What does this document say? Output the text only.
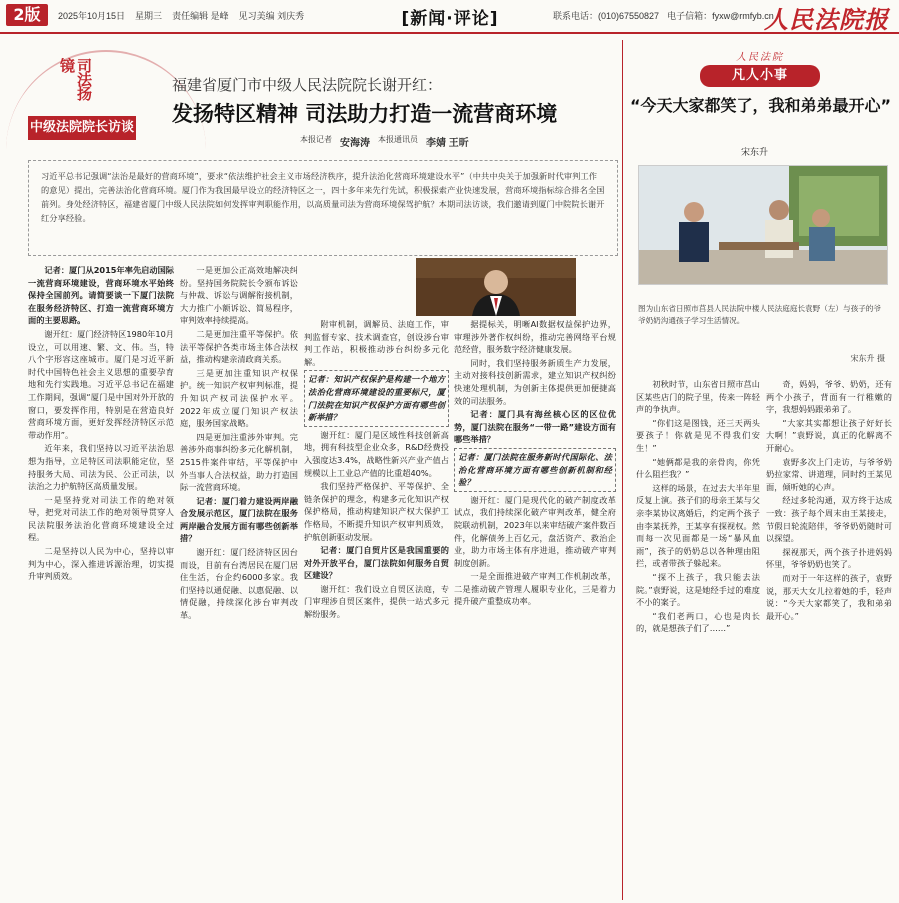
2版	2025年10月15日 星期三 责任编辑 是峰 见习美编 刘庆秀	[新闻·评论]	联系电话：(010)67550827 电子信箱：fyxw@rmfyb.cn
人民法院报
司法扬镜
中级法院院长访谈
福建省厦门市中级人民法院院长谢开红：
发扬特区精神 司法助力打造一流营商环境
本报记者 安海涛 本报通讯员 李婧 王昕
习近平总书记强调“法治是最好的营商环境”，要求“依法维护社会主义市场经济秩序，提升法治化营商环境建设水平”（中共中央关于加强新时代审判工作的意见）提出，完善法治化营商环境。厦门作为我国最早设立的经济特区之一，四十多年来先行先试，积极探索产业快速发展，营商环境指标综合排名全国前列。身处经济特区，福建省厦门中级人民法院如何发挥审判职能作用，以高质量司法为营商环境保驾护航？本期司法访谈，我们邀请到厦门中院院长谢开红分享经验。

记者：厦门从2015年率先启动国际一流营商环境建设，营商环境水平始终保持全国前列。请简要谈一下厦门法院在服务经济特区、打造一流营商环境方面的主要思路。

谢开红：厦门经济特区1980年10月设立，可以用速、繁、文、伟。当，特八个字形容这座城市。厦门是习近平新时代中国特色社会主义思想的重要孕育地和先行实践地。习近平总书记在福建工作期间，强调“厦门是中国对外开放的窗口，要发挥作用，特别是在营造良好营商环境方面，更好发挥经济特区示范带动作用”。

近年来，我们坚持以习近平法治思想为指导，立足特区司法职能定位，坚持服务大局、司法为民、公正司法，以法治之力护航特区高质量发展。

一是坚持党对司法工作的绝对领导，把党对司法工作的绝对领导贯穿人民法院服务法治化营商环境建设全过程。

二是坚持以人民为中心，坚持以审判为中心，深入推进诉源治理，切实提升审判质效。

一是更加公正高效地解决纠纷。坚持国务院院长令颁布诉讼与仲裁、诉讼与调解衔接机制，大力推广小额诉讼、简易程序，审判效率持续提高。

二是更加注重平等保护。依法平等保护各类市场主体合法权益，推动构建亲清政商关系。

三是更加注重知识产权保护。统一知识产权审判标准，提升知识产权司法保护水平。2022年成立厦门知识产权法庭，服务国家战略。

四是更加注重涉外审判。完善涉外商事纠纷多元化解机制，2515件案件审结，平等保护中外当事人合法权益，助力打造国际一流营商环境。

记者：厦门着力建设两岸融合发展示范区，厦门法院在服务两岸融合发展方面有哪些创新举措？

谢开红：厦门经济特区因台而设，目前有台湾居民在厦门居住生活，台企约6000多家。我们坚持以通促融、以惠促融、以情促融，持续深化涉台审判改革。

附审机制，调解员、法庭工作，审判监督专家、技术调查官，创设涉台审判工作站，积极推动涉台纠纷多元化解。

记者：知识产权保护是构建一个地方法治化营商环境建设的重要标尺，厦门法院在知识产权保护方面有哪些创新举措？

谢开红：厦门是区域性科技创新高地，拥有科技型企业众多，R&D经费投入强度达3.4%，战略性新兴产业产值占规模以上工业总产值的比重超40%。

我们坚持严格保护、平等保护、全链条保护的理念，构建多元化知识产权保护格局，推动构建知识产权大保护工作格局，不断提升知识产权审判质效，护航创新驱动发展。

记者：厦门自贸片区是我国重要的对外开放平台，厦门法院如何服务自贸区建设？

谢开红：我们设立自贸区法庭，专门审理涉自贸区案件，提供一站式多元解纷服务。

据提标关，明晰AI数据权益保护边界，审理涉外著作权纠纷，推动完善网络平台规范经营，服务数字经济健康发展。

同时，我们坚持服务新质生产力发展，主动对接科技创新需求，建立知识产权纠纷快速处理机制，为创新主体提供更加便捷高效的司法服务。

记者：厦门具有海丝核心区的区位优势，厦门法院在服务“一带一路”建设方面有哪些举措？

记者：厦门法院在服务新时代国际化、法治化营商环境方面有哪些创新机制和经验？

谢开红：厦门是现代化的破产制度改革试点，我们持续深化破产审判改革，健全府院联动机制，2023年以来审结破产案件数百件，化解债务上百亿元，盘活资产、救治企业，助力市场主体有序进退，推动破产审判制度创新。

一是全面推进破产审判工作机制改革，二是推动破产管理人履职专业化，三是着力提升破产重整成功率。

人民法院
凡人小事
“今天大家都笑了，我和弟弟最开心”
宋东升
图为山东省日照市莒县人民法院中楼人民法庭庭长袁野（左）与孩子的爷爷奶奶沟通孩子学习生活情况。
宋东升 摄

初秋时节，山东省日照市莒山区某些店门的院子里，传来一阵轻声的争执声。

“你们这是图钱，还三天两头要孩子！你就是见不得我们安生！”

“她俩都是我的亲骨肉，你凭什么阻拦我？”

这样的场景，在过去大半年里反复上演。孩子们的母亲王某与父亲李某协议离婚后，约定两个孩子由李某抚养，王某享有探视权。然而每一次见面都是一场“暴风血雨”，孩子的奶奶总以各种理由阻拦，或者带孩子躲起来。

“探不上孩子，我只能去法院。”袁野说，这是她经手过的难度不小的案子。

“我们老两口，心也是肉长的，就是想孩子们了……”

奇，妈妈，爷爷、奶奶，还有两个小孩子，背面有一行稚嫩的字，我想妈妈跟弟弟了。

“大家其实都想让孩子好好长大啊！”袁野说，真正的化解离不开耐心。

袁野多次上门走访，与爷爷奶奶拉家常、讲道理，同时约王某见面，倾听她的心声。

经过多轮沟通，双方终于达成一致：孩子每个周末由王某接走，节假日轮流陪伴，爷爷奶奶随时可以探望。

探视那天，两个孩子扑进妈妈怀里，爷爷奶奶也笑了。

而对于一年这样的孩子，袁野说，那天大女儿拉着她的手，轻声说：“今天大家都笑了，我和弟弟最开心。”
